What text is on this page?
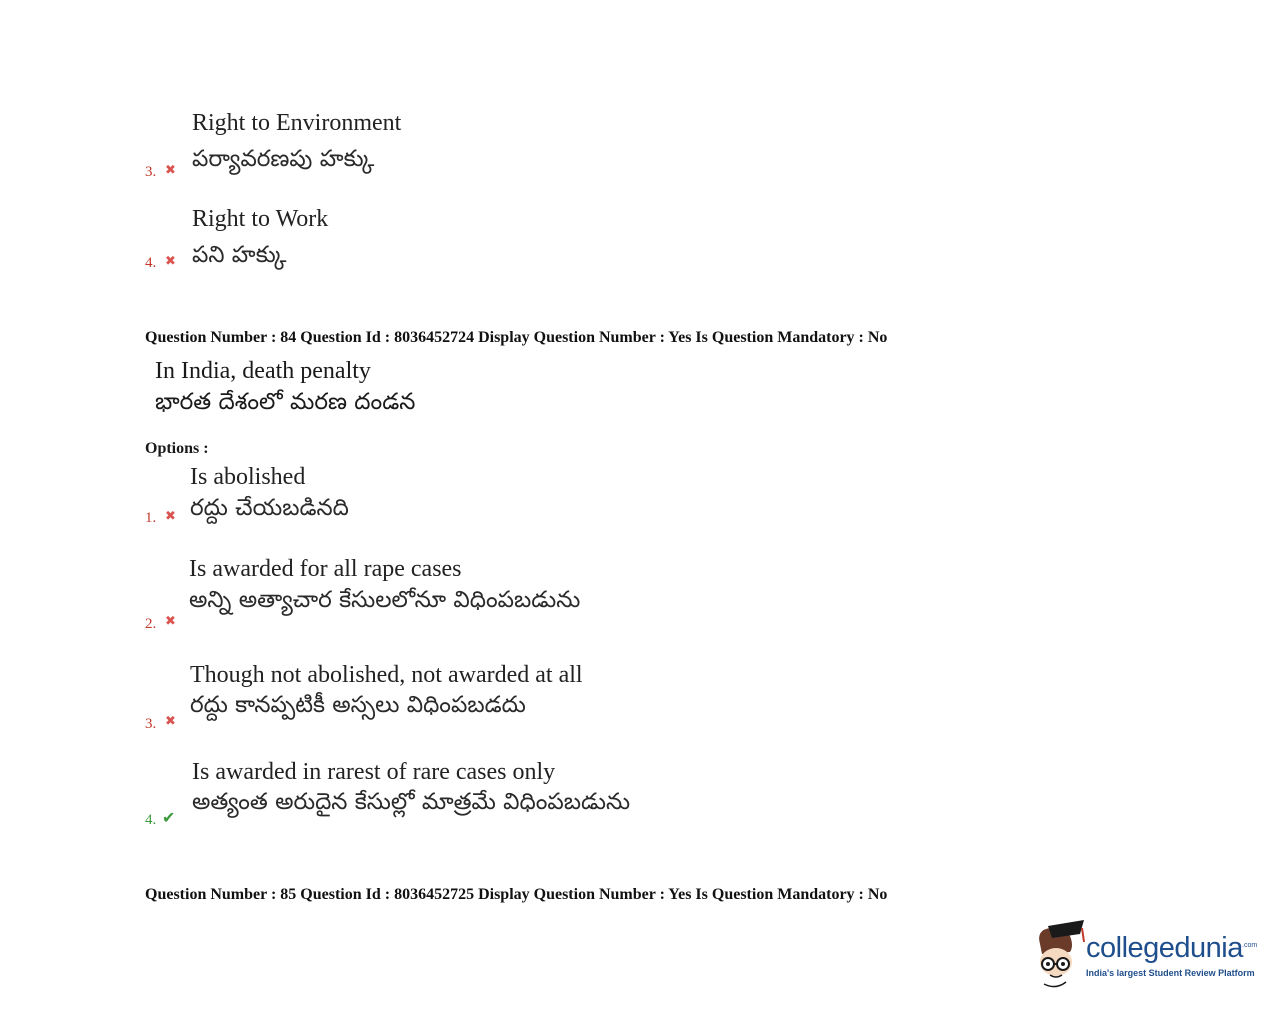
Right to Environment
పర్యావరణపు హక్కు
3. ✖
Right to Work
పని హక్కు
4. ✖
Question Number : 84 Question Id : 8036452724 Display Question Number : Yes Is Question Mandatory : No
In India, death penalty
భారత దేశంలో మరణ దండన
Options :
Is abolished
రద్దు చేయబడినది
1. ✖
Is awarded for all rape cases
అన్ని అత్యాచార కేసులలోనూ విధింపబడును
2. ✖
Though not abolished, not awarded at all
రద్దు కానప్పటికీ అస్సలు విధింపబడదు
3. ✖
Is awarded in rarest of rare cases only
అత్యంత అరుదైన కేసుల్లో మాత్రమే విధింపబడును
4. ✔
Question Number : 85 Question Id : 8036452725 Display Question Number : Yes Is Question Mandatory : No
collegedunia .com
India's largest Student Review Platform
